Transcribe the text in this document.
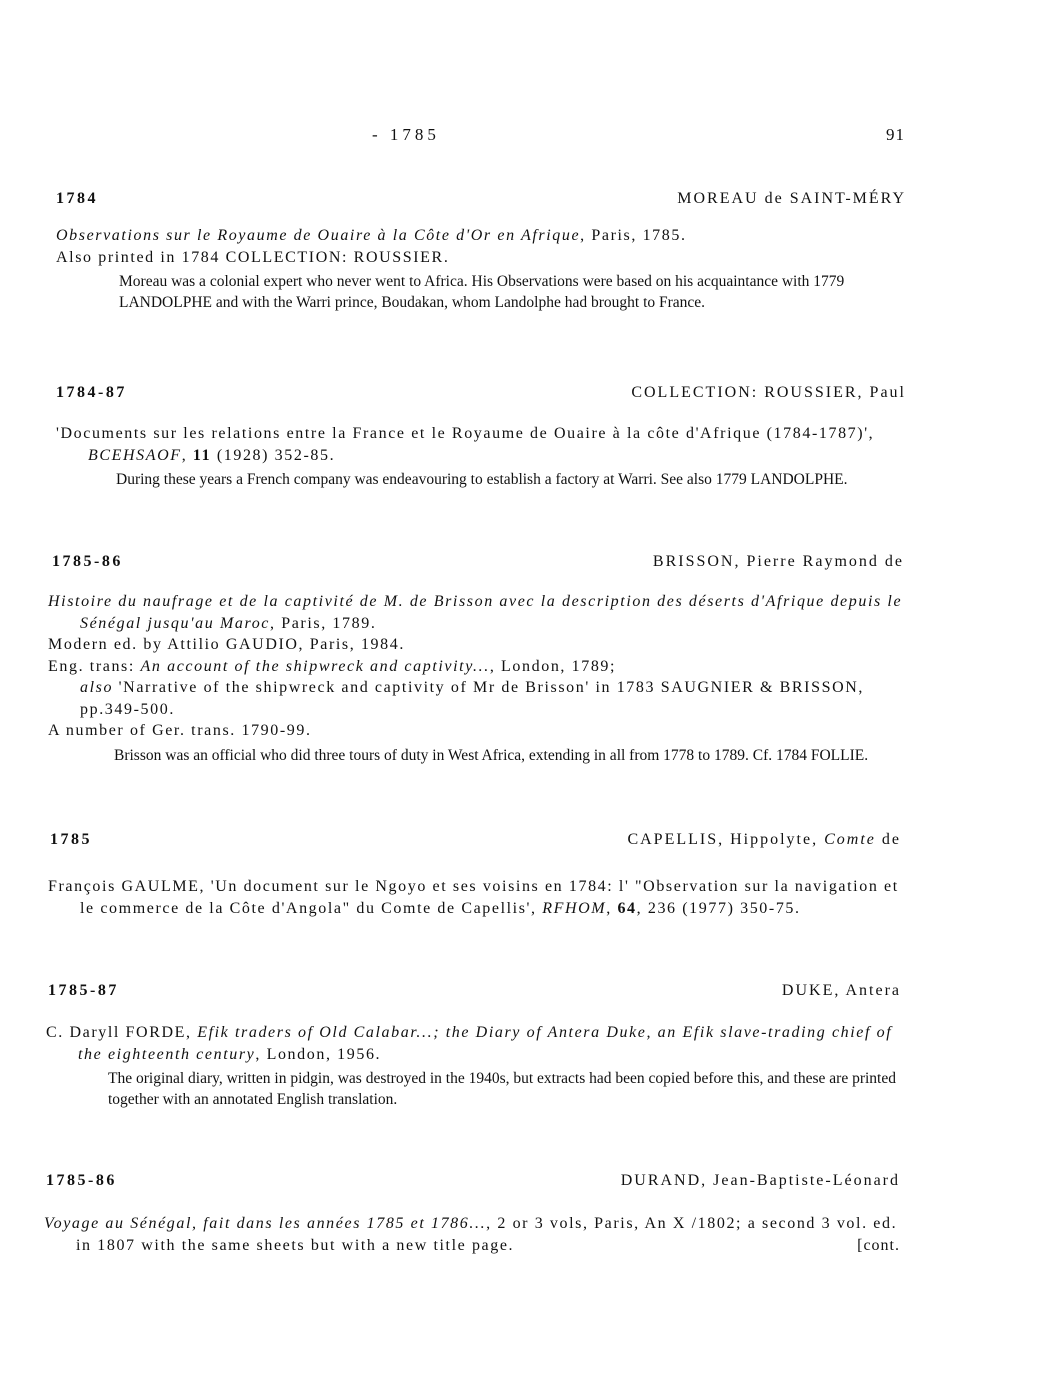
- 1785	91
1784	MOREAU de SAINT-MÉRY

Observations sur le Royaume de Ouaire à la Côte d'Or en Afrique, Paris, 1785.

Also printed in 1784 COLLECTION: ROUSSIER.

Moreau was a colonial expert who never went to Africa. His Observations were based on his acquaintance with 1779 LANDOLPHE and with the Warri prince, Boudakan, whom Landolphe had brought to France.

1784-87	COLLECTION: ROUSSIER, Paul

'Documents sur les relations entre la France et le Royaume de Ouaire à la côte d'Afrique (1784-1787)', BCEHSAOF, 11 (1928) 352-85.

During these years a French company was endeavouring to establish a factory at Warri. See also 1779 LANDOLPHE.

1785-86	BRISSON, Pierre Raymond de

Histoire du naufrage et de la captivité de M. de Brisson avec la description des déserts d'Afrique depuis le Sénégal jusqu'au Maroc, Paris, 1789.

Modern ed. by Attilio GAUDIO, Paris, 1984.

Eng. trans: An account of the shipwreck and captivity..., London, 1789;

also 'Narrative of the shipwreck and captivity of Mr de Brisson' in 1783 SAUGNIER & BRISSON, pp.349-500.

A number of Ger. trans. 1790-99.

Brisson was an official who did three tours of duty in West Africa, extending in all from 1778 to 1789. Cf. 1784 FOLLIE.

1785	CAPELLIS, Hippolyte, Comte de

François GAULME, 'Un document sur le Ngoyo et ses voisins en 1784: l' "Observation sur la navigation et le commerce de la Côte d'Angola" du Comte de Capellis', RFHOM, 64, 236 (1977) 350-75.

1785-87	DUKE, Antera

C. Daryll FORDE, Efik traders of Old Calabar...; the Diary of Antera Duke, an Efik slave-trading chief of the eighteenth century, London, 1956.

The original diary, written in pidgin, was destroyed in the 1940s, but extracts had been copied before this, and these are printed together with an annotated English translation.

1785-86	DURAND, Jean-Baptiste-Léonard

Voyage au Sénégal, fait dans les années 1785 et 1786..., 2 or 3 vols, Paris, An X /1802; a second 3 vol. ed. in 1807 with the same sheets but with a new title page.	[cont.
